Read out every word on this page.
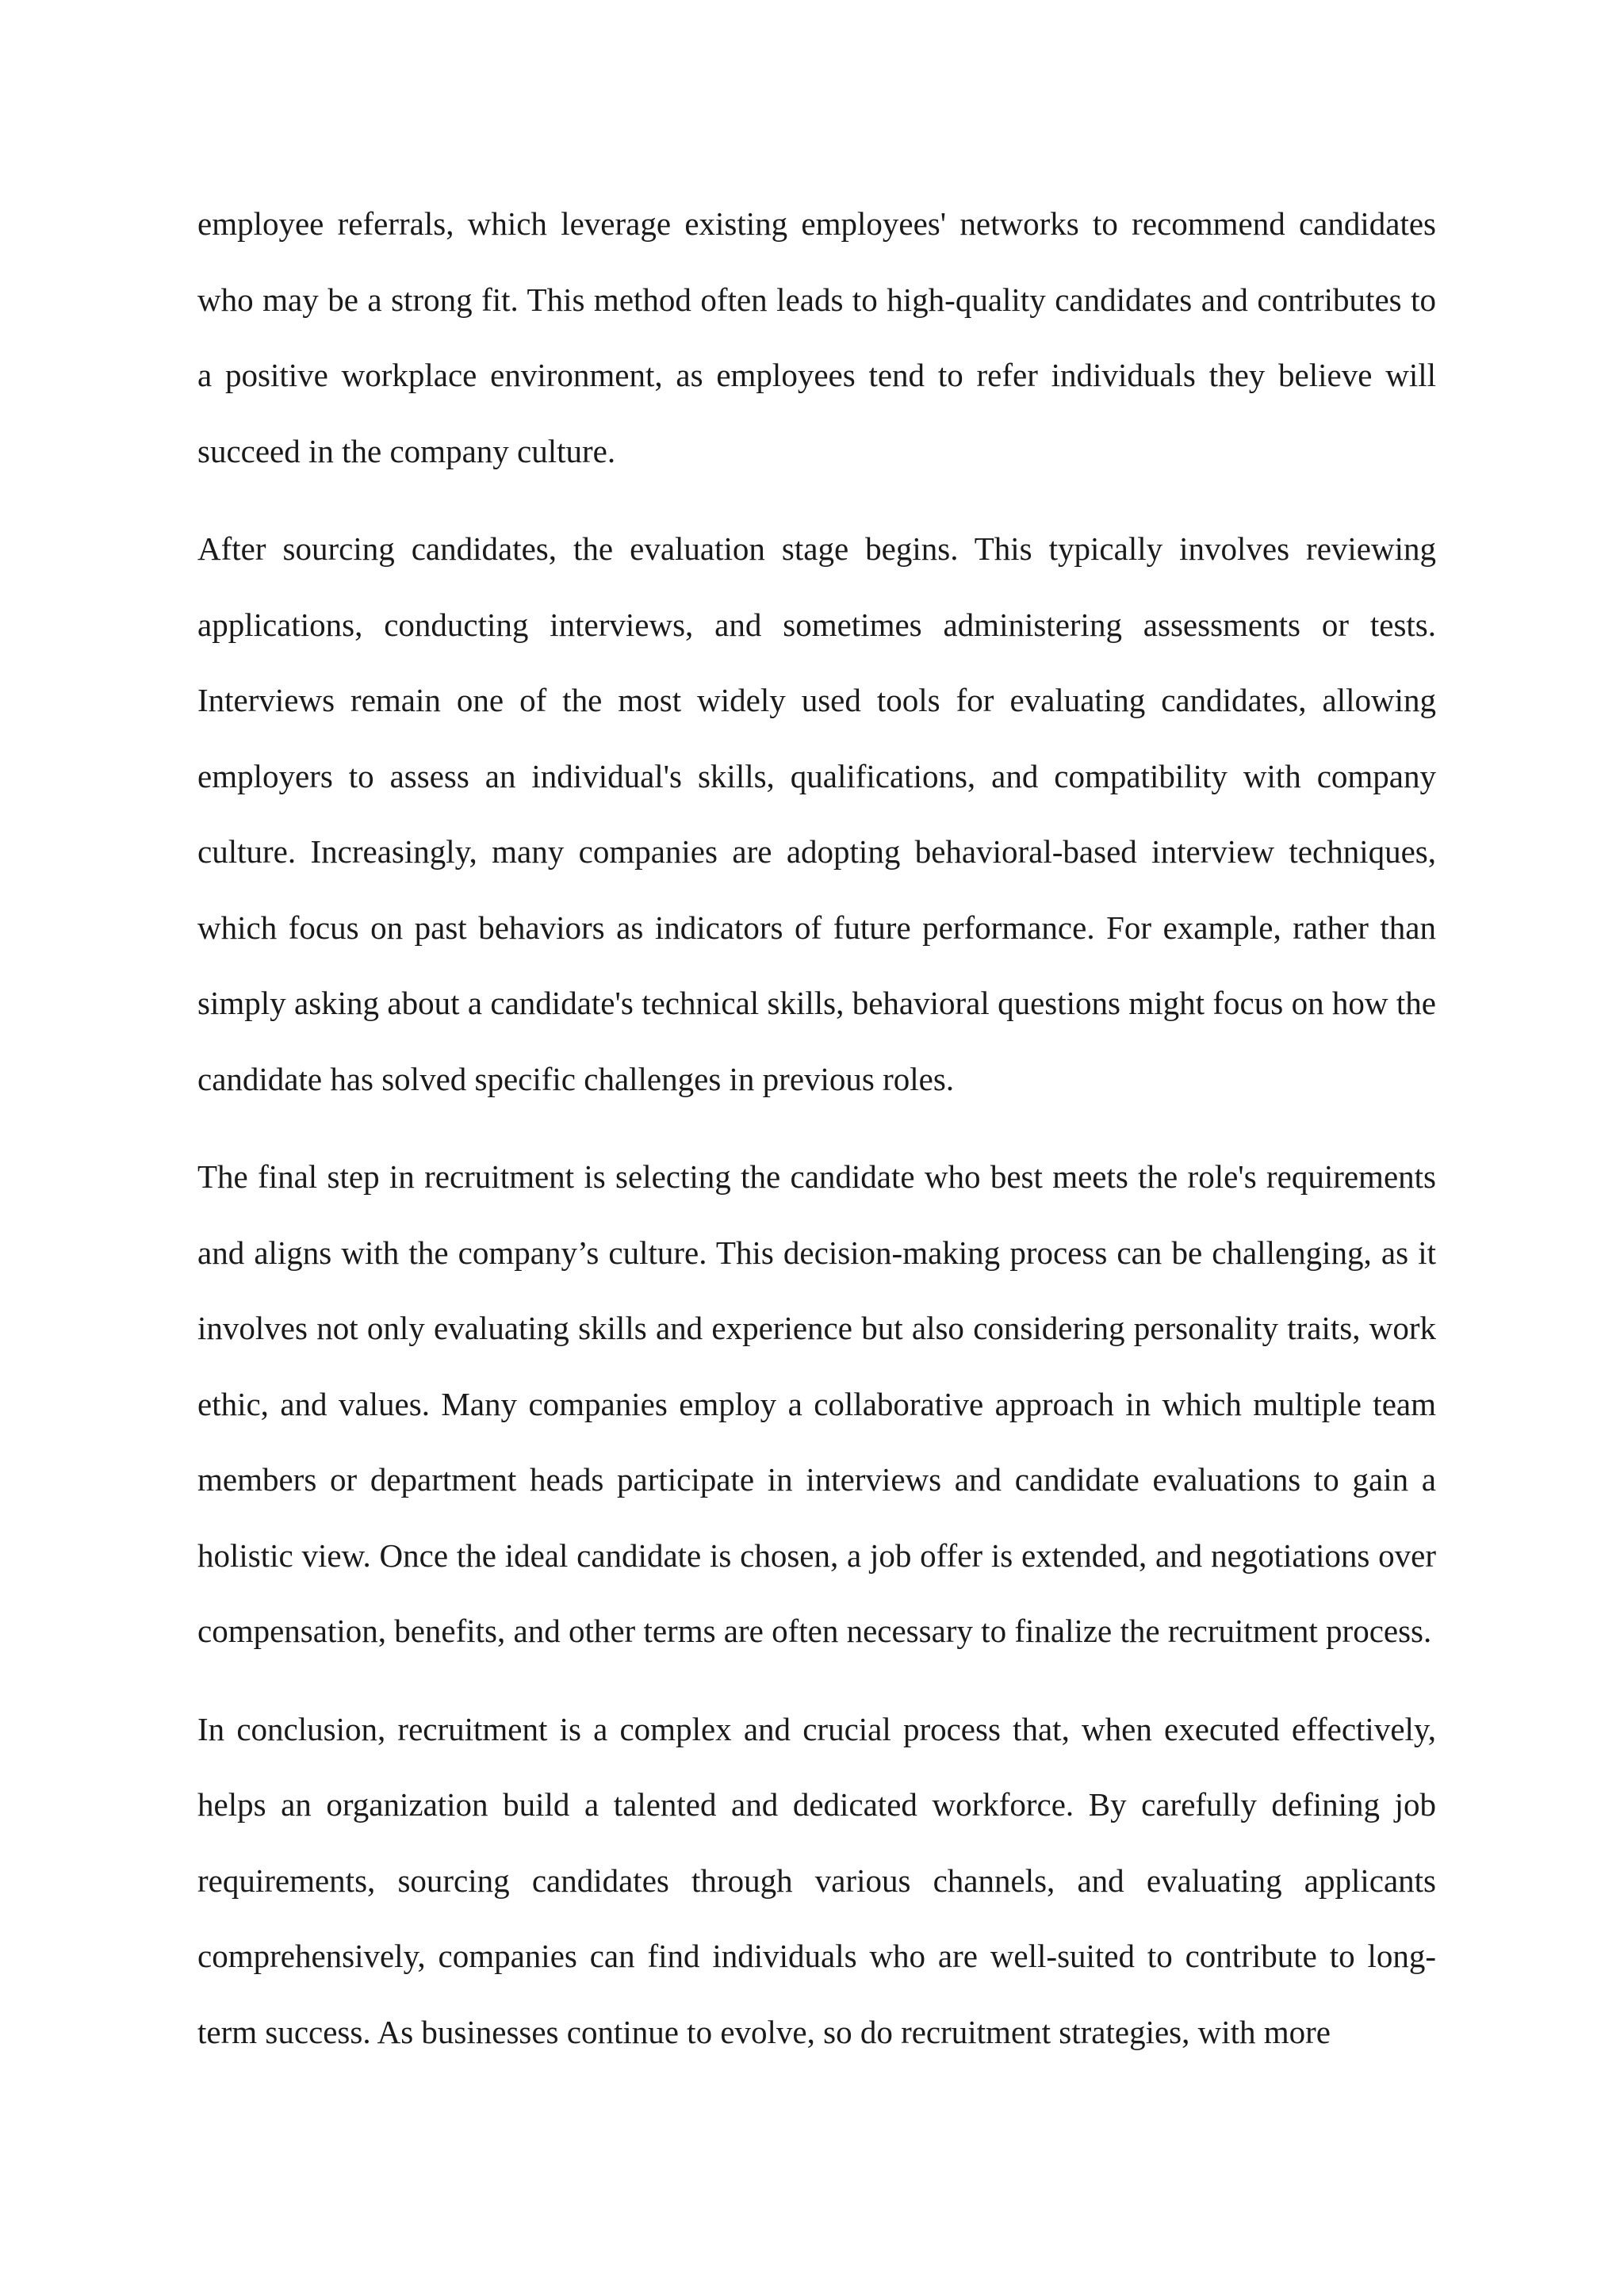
employee referrals, which leverage existing employees' networks to recommend candidates who may be a strong fit. This method often leads to high-quality candidates and contributes to a positive workplace environment, as employees tend to refer individuals they believe will succeed in the company culture.

After sourcing candidates, the evaluation stage begins. This typically involves reviewing applications, conducting interviews, and sometimes administering assessments or tests. Interviews remain one of the most widely used tools for evaluating candidates, allowing employers to assess an individual's skills, qualifications, and compatibility with company culture. Increasingly, many companies are adopting behavioral-based interview techniques, which focus on past behaviors as indicators of future performance. For example, rather than simply asking about a candidate's technical skills, behavioral questions might focus on how the candidate has solved specific challenges in previous roles.

The final step in recruitment is selecting the candidate who best meets the role's requirements and aligns with the company’s culture. This decision-making process can be challenging, as it involves not only evaluating skills and experience but also considering personality traits, work ethic, and values. Many companies employ a collaborative approach in which multiple team members or department heads participate in interviews and candidate evaluations to gain a holistic view. Once the ideal candidate is chosen, a job offer is extended, and negotiations over compensation, benefits, and other terms are often necessary to finalize the recruitment process.

In conclusion, recruitment is a complex and crucial process that, when executed effectively, helps an organization build a talented and dedicated workforce. By carefully defining job requirements, sourcing candidates through various channels, and evaluating applicants comprehensively, companies can find individuals who are well-suited to contribute to long-term success. As businesses continue to evolve, so do recruitment strategies, with more
